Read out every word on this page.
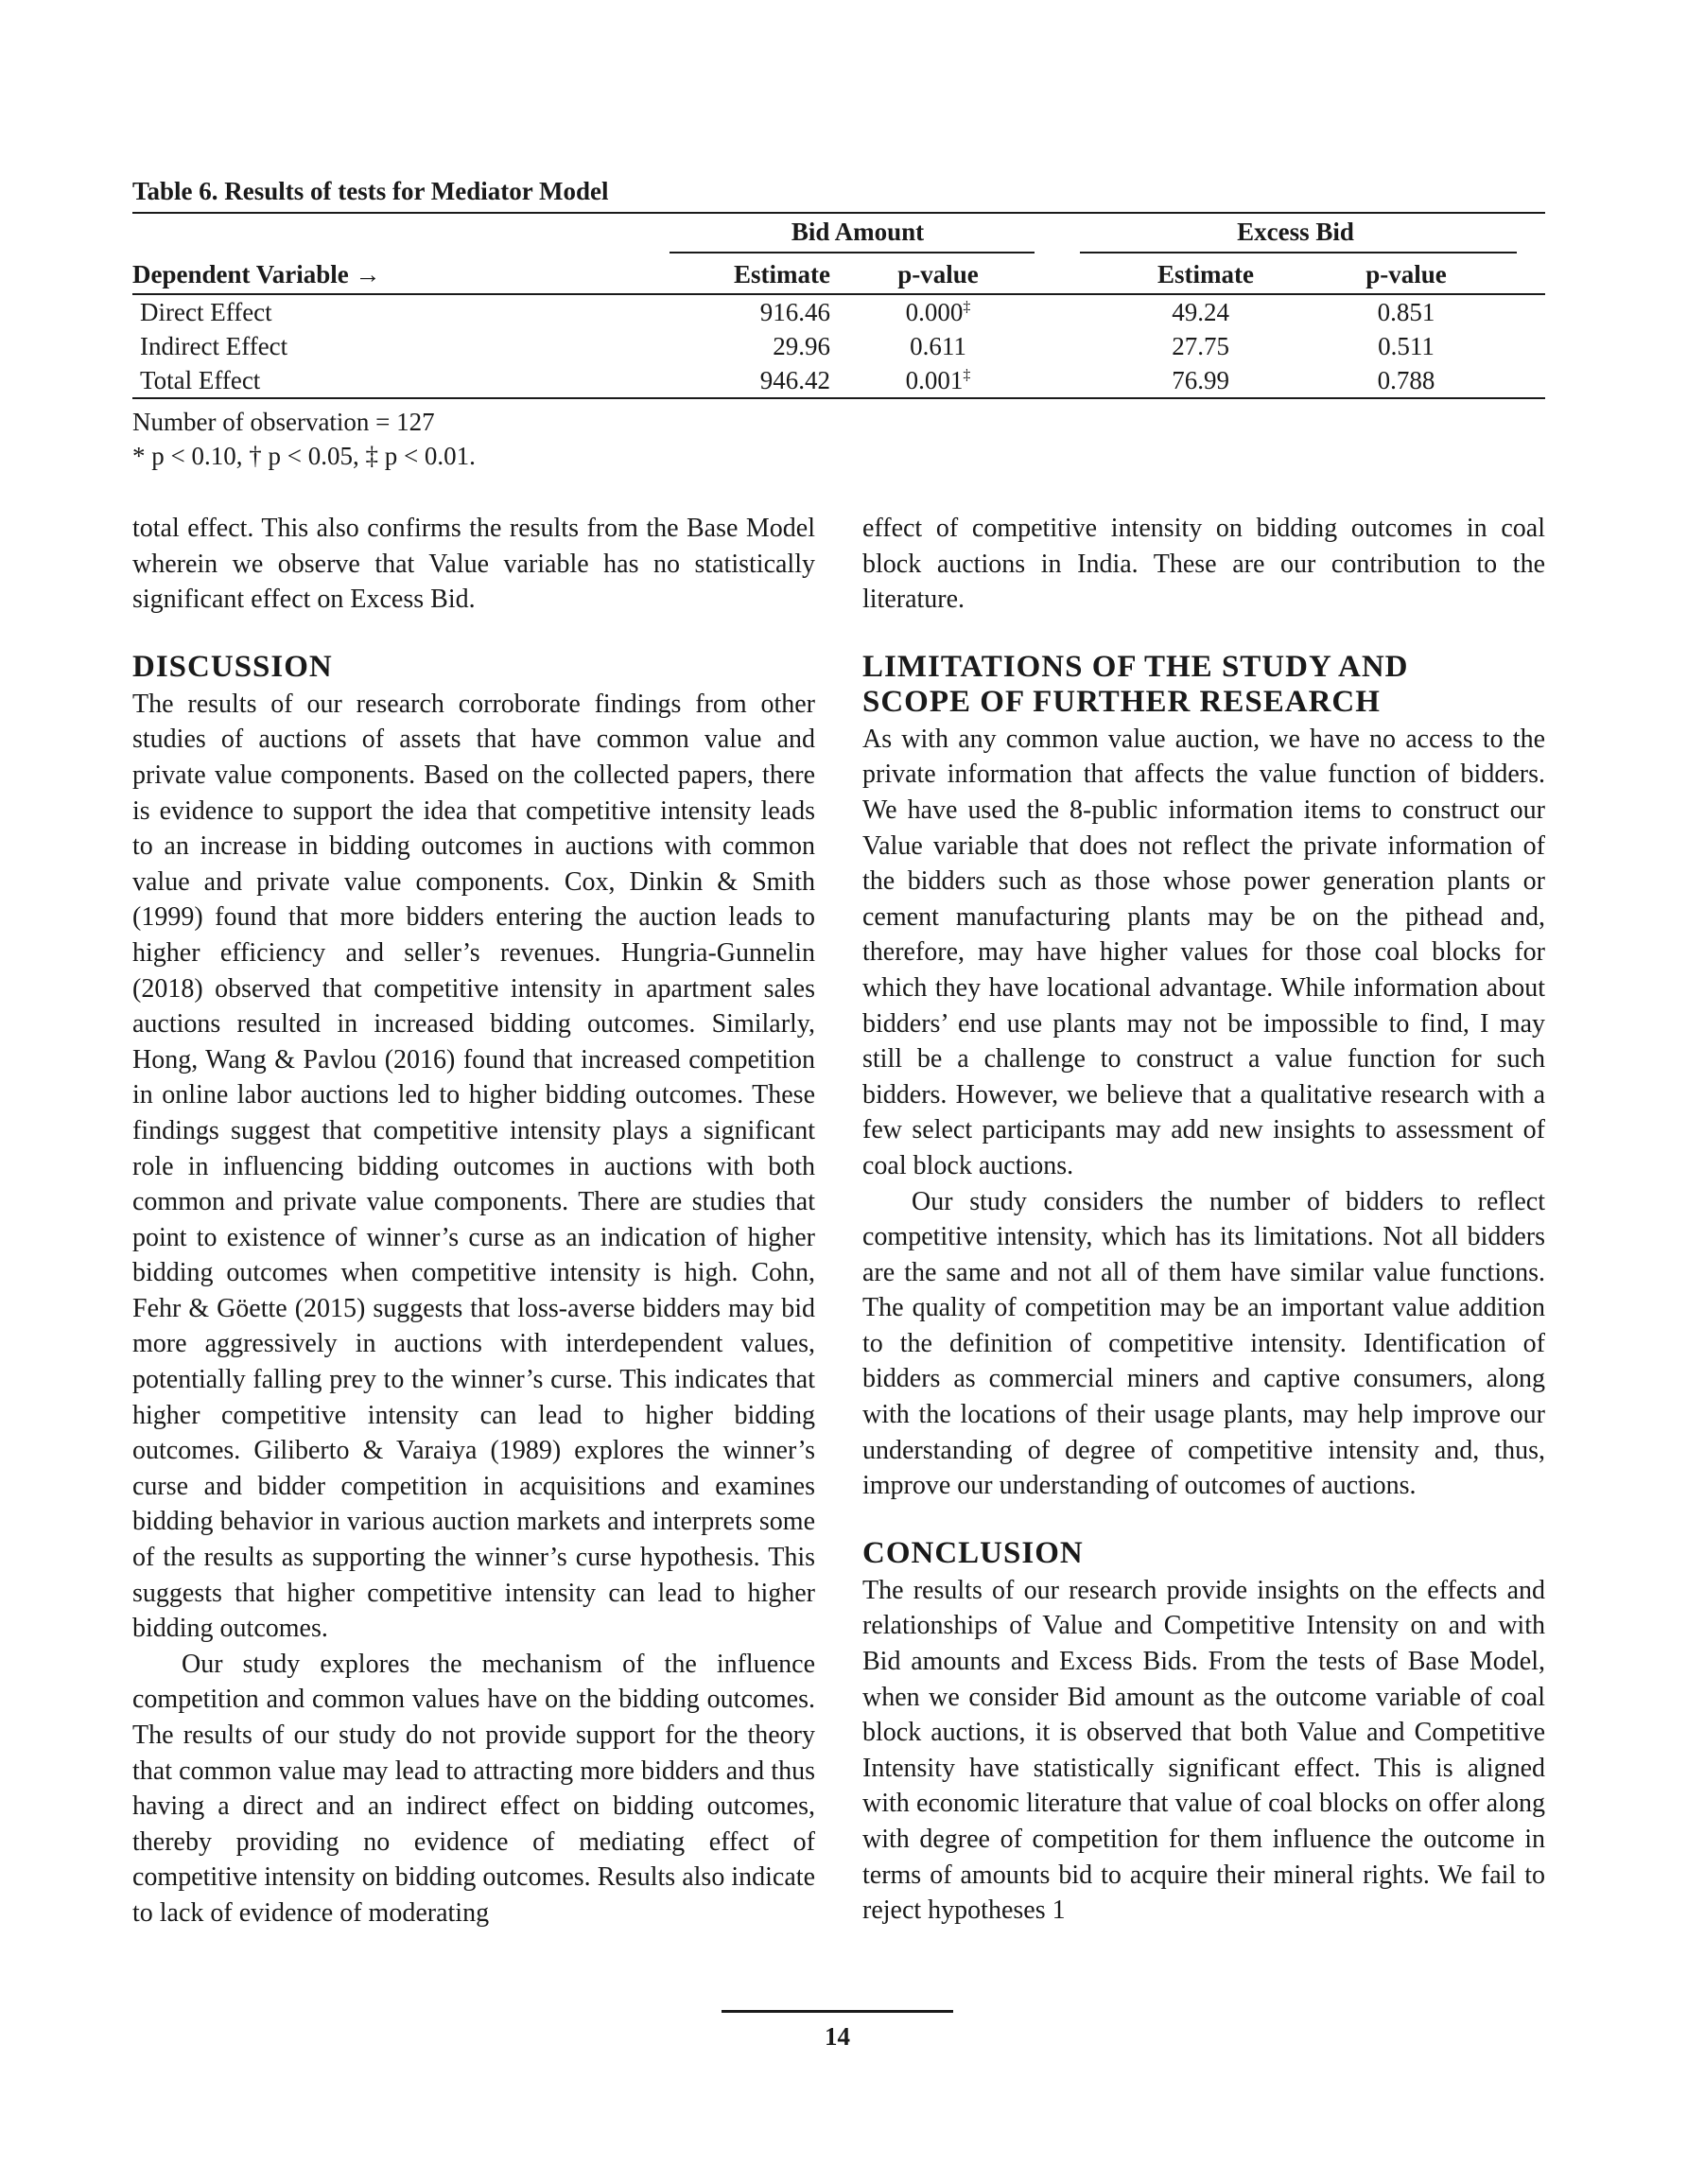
Table 6. Results of tests for Mediator Model
	Bid Amount		Excess Bid	

Dependent Variable →	Estimate	p-value	Estimate	p-value
Direct Effect	916.46	0.000‡	49.24	0.851
Indirect Effect	29.96	0.611	27.75	0.511
Total Effect	946.42	0.001‡	76.99	0.788
Number of observation = 127
* p < 0.10, † p < 0.05, ‡ p < 0.01.

total effect. This also confirms the results from the Base Model wherein we observe that Value variable has no statistically significant effect on Excess Bid.

DISCUSSION

The results of our research corroborate findings from other studies of auctions of assets that have common value and private value components. Based on the collected papers, there is evidence to support the idea that competitive intensity leads to an increase in bidding outcomes in auctions with common value and private value components. Cox, Dinkin & Smith (1999) found that more bidders entering the auction leads to higher efficiency and seller’s revenues. Hungria-Gunnelin (2018) observed that competitive intensity in apartment sales auctions resulted in increased bidding outcomes. Similarly, Hong, Wang & Pavlou (2016) found that increased competition in online labor auctions led to higher bidding outcomes. These findings suggest that competitive intensity plays a significant role in influencing bidding outcomes in auctions with both common and private value components. There are studies that point to existence of winner’s curse as an indication of higher bidding outcomes when competitive intensity is high. Cohn, Fehr & Göette (2015) suggests that loss-averse bidders may bid more aggressively in auctions with interdependent values, potentially falling prey to the winner’s curse. This indicates that higher competitive intensity can lead to higher bidding outcomes. Giliberto & Varaiya (1989) explores the winner’s curse and bidder competition in acquisitions and examines bidding behavior in various auction markets and interprets some of the results as supporting the winner’s curse hypothesis. This suggests that higher competitive intensity can lead to higher bidding outcomes.

Our study explores the mechanism of the influence competition and common values have on the bidding outcomes. The results of our study do not provide support for the theory that common value may lead to attracting more bidders and thus having a direct and an indirect effect on bidding outcomes, thereby providing no evidence of mediating effect of competitive intensity on bidding outcomes. Results also indicate to lack of evidence of moderating

effect of competitive intensity on bidding outcomes in coal block auctions in India. These are our contribution to the literature.

LIMITATIONS OF THE STUDY AND
SCOPE OF FURTHER RESEARCH

As with any common value auction, we have no access to the private information that affects the value function of bidders. We have used the 8-public information items to construct our Value variable that does not reflect the private information of the bidders such as those whose power generation plants or cement manufacturing plants may be on the pithead and, therefore, may have higher values for those coal blocks for which they have locational advantage. While information about bidders’ end use plants may not be impossible to find, I may still be a challenge to construct a value function for such bidders. However, we believe that a qualitative research with a few select participants may add new insights to assessment of coal block auctions.

Our study considers the number of bidders to reflect competitive intensity, which has its limitations. Not all bidders are the same and not all of them have similar value functions. The quality of competition may be an important value addition to the definition of competitive intensity. Identification of bidders as commercial miners and captive consumers, along with the locations of their usage plants, may help improve our understanding of degree of competitive intensity and, thus, improve our understanding of outcomes of auctions.

CONCLUSION

The results of our research provide insights on the effects and relationships of Value and Competitive Intensity on and with Bid amounts and Excess Bids. From the tests of Base Model, when we consider Bid amount as the outcome variable of coal block auctions, it is observed that both Value and Competitive Intensity have statistically significant effect. This is aligned with economic literature that value of coal blocks on offer along with degree of competition for them influence the outcome in terms of amounts bid to acquire their mineral rights. We fail to reject hypotheses 1

14
